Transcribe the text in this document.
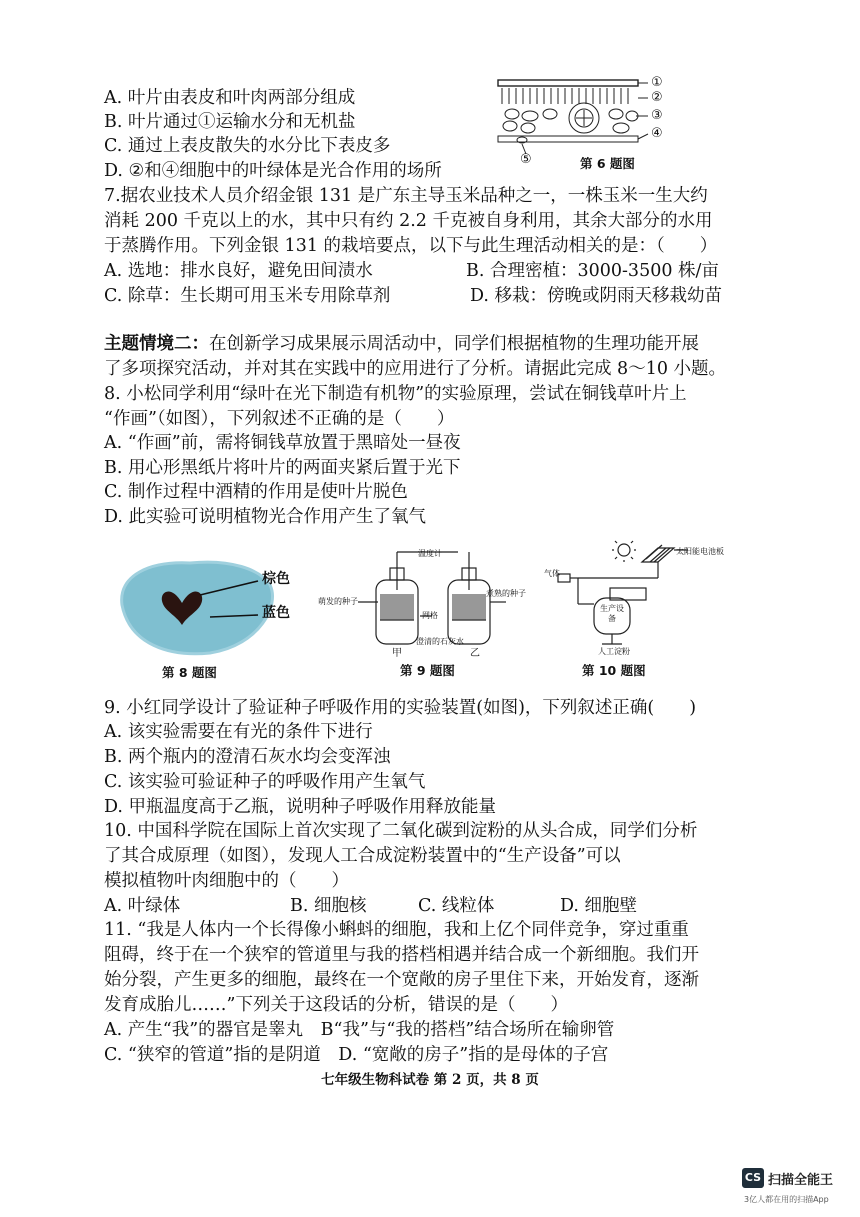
A. 叶片由表皮和叶肉两部分组成
B. 叶片通过①运输水分和无机盐
C. 通过上表皮散失的水分比下表皮多
D. ②和④细胞中的叶绿体是光合作用的场所
①
②
③
④
⑤	第 6 题图
7.据农业技术人员介绍金银 131 是广东主导玉米品种之一，一株玉米一生大约
消耗 200 千克以上的水，其中只有约 2.2 千克被自身利用，其余大部分的水用
于蒸腾作用。下列金银 131 的栽培要点，以下与此生理活动相关的是：（　　）
A. 选地：排水良好，避免田间渍水	B. 合理密植：3000-3500 株/亩
C. 除草：生长期可用玉米专用除草剂	D. 移栽：傍晚或阴雨天移栽幼苗
主题情境二：在创新学习成果展示周活动中，同学们根据植物的生理功能开展
了多项探究活动，并对其在实践中的应用进行了分析。请据此完成 8～10 小题。
8. 小松同学利用“绿叶在光下制造有机物”的实验原理，尝试在铜钱草叶片上
“作画”（如图），下列叙述不正确的是（　　）
A. “作画”前，需将铜钱草放置于黑暗处一昼夜
B. 用心形黑纸片将叶片的两面夹紧后置于光下
C. 制作过程中酒精的作用是使叶片脱色
D. 此实验可说明植物光合作用产生了氧气
棕色
蓝色
第 8 题图
温度计
萌发的种子
煮熟的种子
网格
澄清的石灰水
甲	乙
第 9 题图
太阳能电池板
气体
生产设备
人工淀粉
第 10 题图
9. 小红同学设计了验证种子呼吸作用的实验装置(如图)，下列叙述正确(　　)
A. 该实验需要在有光的条件下进行
B. 两个瓶内的澄清石灰水均会变浑浊
C. 该实验可验证种子的呼吸作用产生氧气
D. 甲瓶温度高于乙瓶，说明种子呼吸作用释放能量
10. 中国科学院在国际上首次实现了二氧化碳到淀粉的从头合成，同学们分析
了其合成原理（如图），发现人工合成淀粉装置中的“生产设备”可以
模拟植物叶肉细胞中的（　　）
A. 叶绿体	B. 细胞核	C. 线粒体	D. 细胞壁
11. “我是人体内一个长得像小蝌蚪的细胞，我和上亿个同伴竞争，穿过重重
阻碍，终于在一个狭窄的管道里与我的搭档相遇并结合成一个新细胞。我们开
始分裂，产生更多的细胞，最终在一个宽敞的房子里住下来，开始发育，逐渐
发育成胎儿……”下列关于这段话的分析，错误的是（　　）
A. 产生“我”的器官是睾丸　B“我”与“我的搭档”结合场所在输卵管
C. “狭窄的管道”指的是阴道　D. “宽敞的房子”指的是母体的子宫
七年级生物科试卷 第 2 页，共 8 页
CS 扫描全能王
3亿人都在用的扫描App
